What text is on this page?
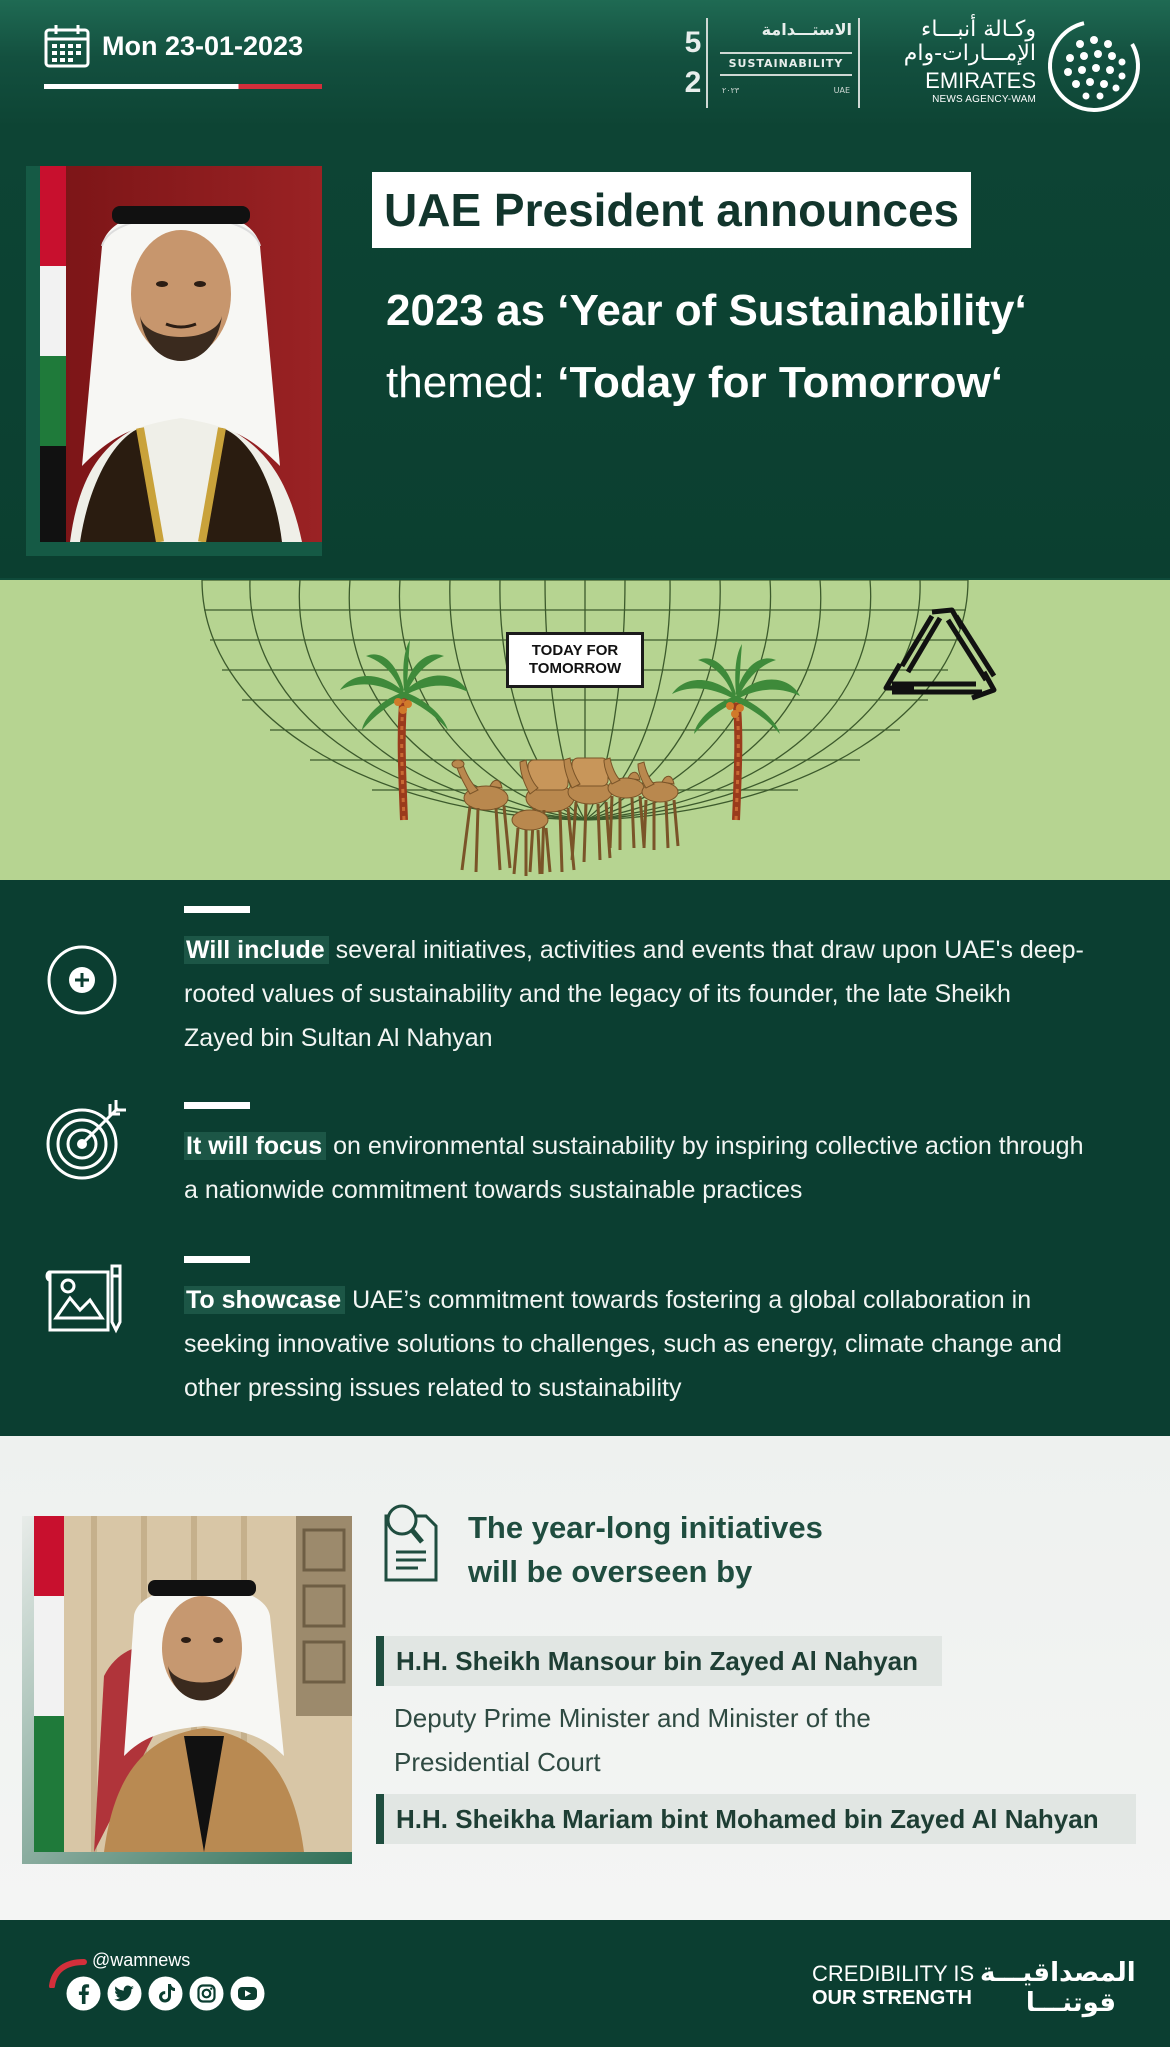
Mon 23-01-2023	5
2
الاستـــدامة
SUSTAINABILITY
۲۰۲۳	UAE
وكـالة أنبـــاء
الإمـــارات-وام
EMIRATES
NEWS AGENCY-WAM
UAE President announces
2023 as ‘Year of Sustainability‘
themed: ‘Today for Tomorrow‘
TODAY FOR
TOMORROW
Will include several initiatives, activities and events that draw upon UAE's deep-rooted values of sustainability and the legacy of its founder, the late Sheikh Zayed bin Sultan Al Nahyan
It will focus on environmental sustainability by inspiring collective action through a nationwide commitment towards sustainable practices
To showcase UAE’s commitment towards fostering a global collaboration in seeking innovative solutions to challenges, such as energy, climate change and other pressing issues related to sustainability
The year-long initiatives
will be overseen by
H.H. Sheikh Mansour bin Zayed Al Nahyan
Deputy Prime Minister and Minister of the
Presidential Court
H.H. Sheikha Mariam bint Mohamed bin Zayed Al Nahyan
@wamnews
CREDIBILITY IS
OUR STRENGTH
المصداقيـــة
قوتنـــا
